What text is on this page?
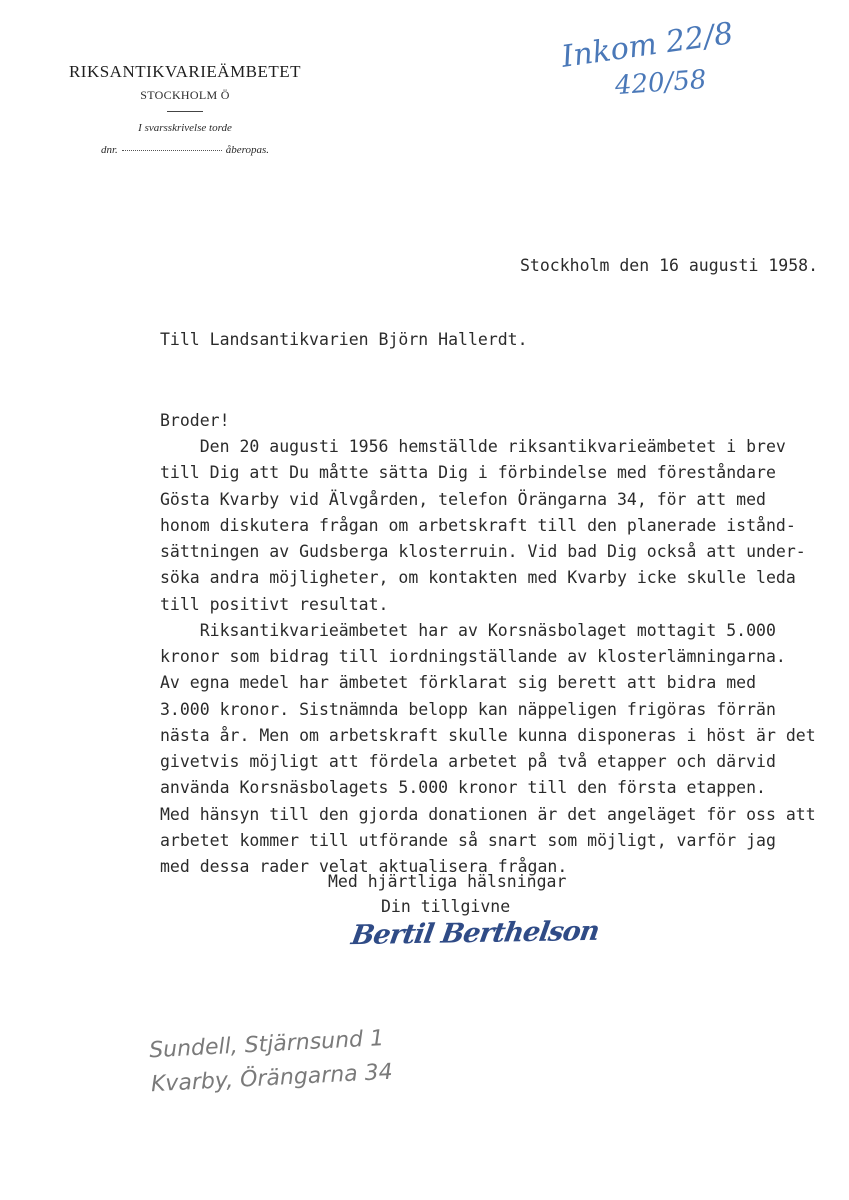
RIKSANTIKVARIEÄMBETET
STOCKHOLM Ö
I svarsskrivelse torde
dnr.	åberopas.
Inkom 22/8
420/58
Stockholm den 16 augusti 1958.
Till Landsantikvarien Björn Hallerdt.
Broder!
Den 20 augusti 1956 hemställde riksantikvarieämbetet i brev
till Dig att Du måtte sätta Dig i förbindelse med föreståndare
Gösta Kvarby vid Älvgården, telefon Örängarna 34, för att med
honom diskutera frågan om arbetskraft till den planerade istånd-
sättningen av Gudsberga klosterruin. Vid bad Dig också att under-
söka andra möjligheter, om kontakten med Kvarby icke skulle leda
till positivt resultat.
Riksantikvarieämbetet har av Korsnäsbolaget mottagit 5.000
kronor som bidrag till iordningställande av klosterlämningarna.
Av egna medel har ämbetet förklarat sig berett att bidra med
3.000 kronor. Sistnämnda belopp kan näppeligen frigöras förrän
nästa år. Men om arbetskraft skulle kunna disponeras i höst är det
givetvis möjligt att fördela arbetet på två etapper och därvid
använda Korsnäsbolagets 5.000 kronor till den första etappen.
Med hänsyn till den gjorda donationen är det angeläget för oss att
arbetet kommer till utförande så snart som möjligt, varför jag
med dessa rader velat aktualisera frågan.
Med hjärtliga hälsningar
Din tillgivne
Bertil Berthelson
Sundell, Stjärnsund 1
Kvarby, Örängarna 34
